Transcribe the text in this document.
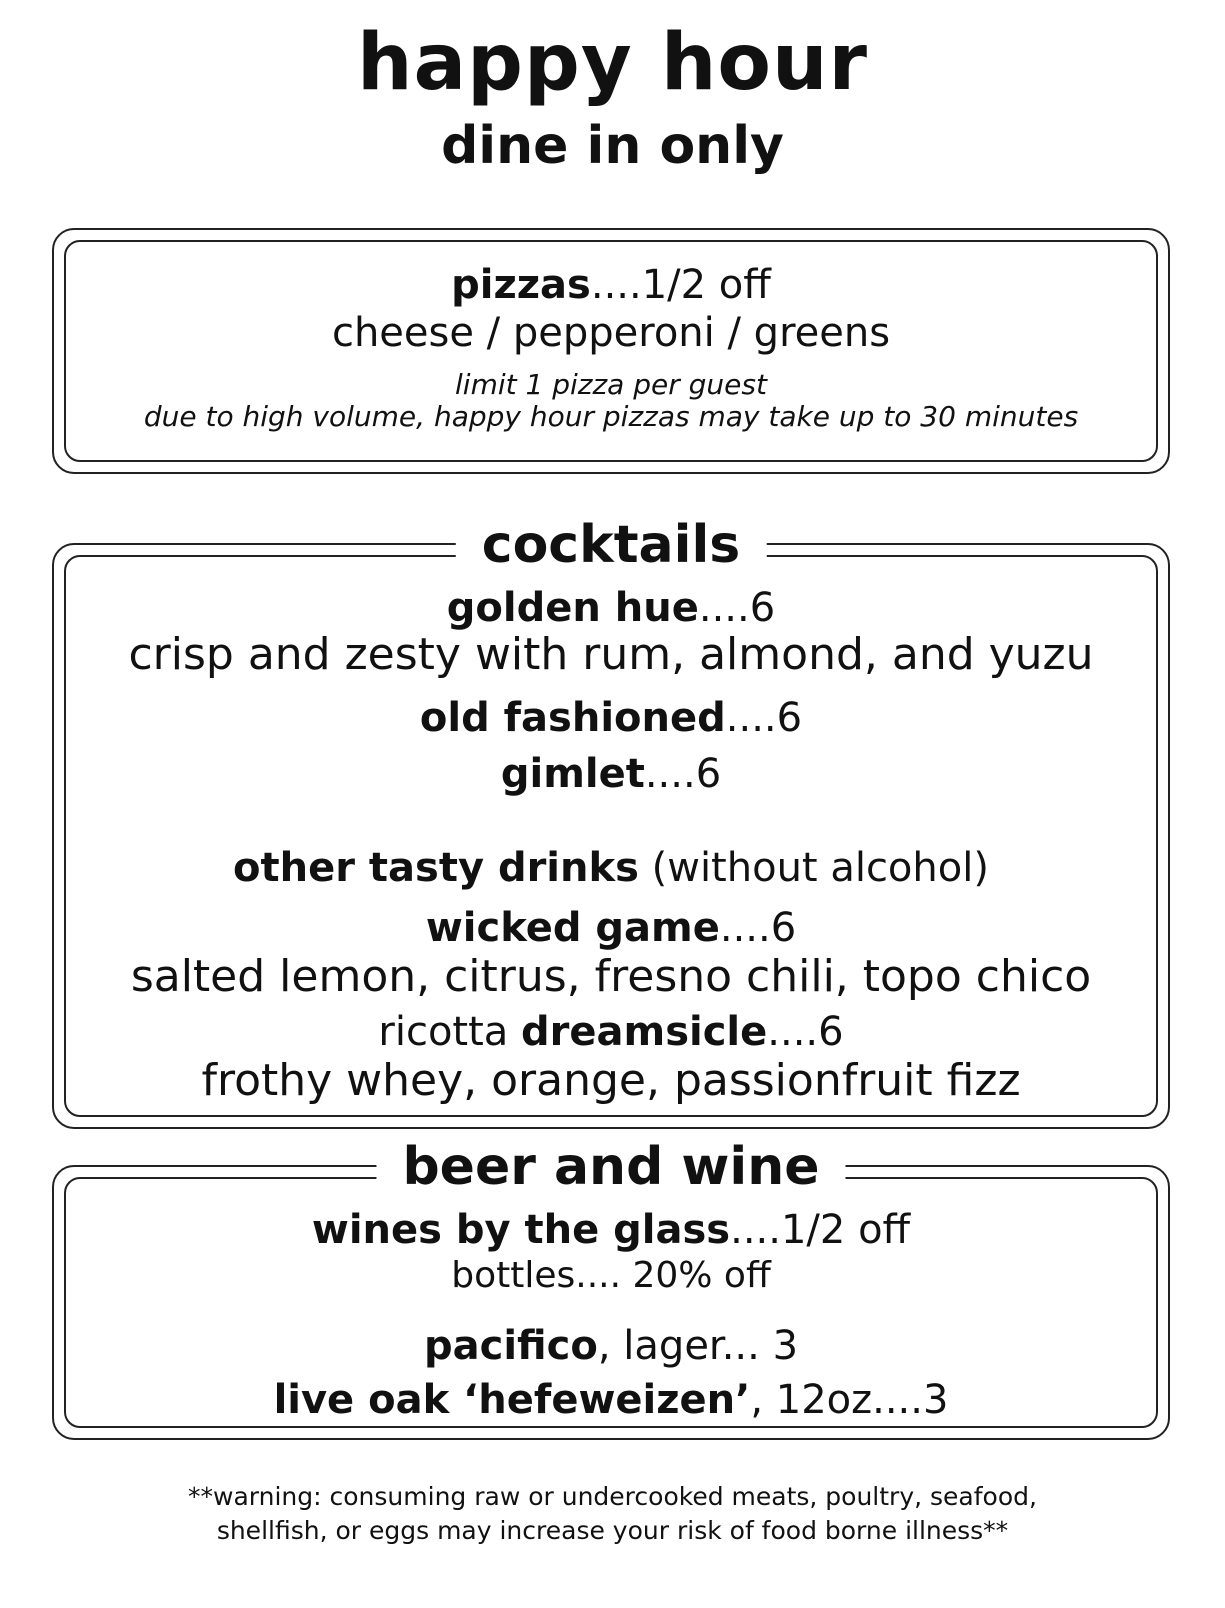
happy hour
dine in only
pizzas....1/2 off
cheese / pepperoni / greens
limit 1 pizza per guest
due to high volume, happy hour pizzas may take up to 30 minutes
cocktails
golden hue....6
crisp and zesty with rum, almond, and yuzu
old fashioned....6
gimlet....6
other tasty drinks (without alcohol)
wicked game....6
salted lemon, citrus, fresno chili, topo chico
ricotta dreamsicle....6
frothy whey, orange, passionfruit fizz
beer and wine
wines by the glass....1/2 off
bottles.... 20% off
pacifico, lager... 3
live oak ‘hefeweizen’, 12oz....3
**warning: consuming raw or undercooked meats, poultry, seafood,
shellfish, or eggs may increase your risk of food borne illness**
